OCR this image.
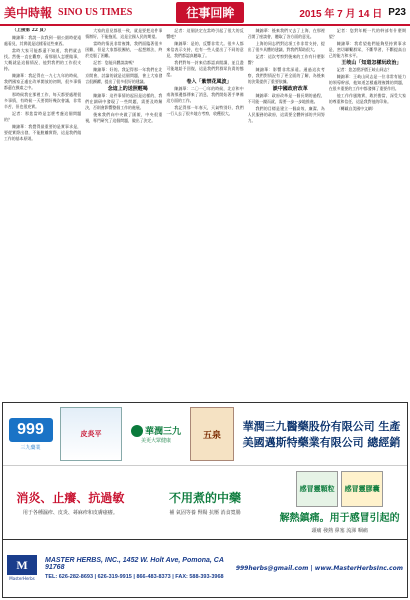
美中時報 SINO US TIMES	往事回眸	2015 年 7 月 14 日 P23

（上接第 22 頁）

陳錦華：我說一次我到一個公園時從遠處看見，其實就是這樣看這些東西。

當時大家可能都還不知道，我們就去找。然後一直在觀察，看那個人怎麼做事，大概就是這個情況，他對我們的工作很支持。

陳錦華：我記得在一九七九年的時候，我們國家正處在改革開放的初期，很多事情都還在摸索之中。

那時候我在那裡工作，每天都要處理很多事情，有時候一天要開好幾次會議，非常辛苦，但也很充實。

記者：那您當時是怎麼考慮這個問題的？

陳錦華：我覺得最重要的是實事求是，要從實際出發，不能脫離實際，這是我們做工作的基本原則。

大家的意見都很一致，就是要把這件事情辦好，不能拖延，這是全國人民的期望。

當時的情況非常複雜，我們面臨著很多困難，但是大家都很團結，一起想辦法，終於克服了困難。

記者：您能具體談談嗎？

陳錦華：好的。我記得那一年我們在北京開會，討論的就是這個問題，會上大家發言很踴躍，提出了很多很好的建議。

念這上的送照輕喝

陳錦華：這件事情的起因是這樣的，我們在調研中發現了一些問題，需要及時解決，否則會影響整個工作的進展。

後來我們向中央做了匯報，中央很重視，專門研究了這個問題，做出了決定。

記者：這個決定在當時引起了很大的反響吧？

陳錦華：是的，反響非常大。很多人都來信表示支持，也有一些人提出了不同的意見，我們都認真聽取了。

我們對每一封來信都認真閱讀，並且盡可能地給予回復，這是我們對群眾負責的態度。

卷入「紫禁花風波」

陳錦華：二〇一〇年的時候，北京和中南海那邊都傳來了消息，我們開始著手準備這方面的工作。

我記得那一年春天，天氣特別好，我們一行人去了很多地方考察，收穫很大。

陳錦華：後來我們又去了上海，在那裡召開了座談會，聽取了各方面的意見。

上海的同志們對這項工作非常支持，提出了很多具體的建議，對我們幫助很大。

記者：這次考察對後來的工作有什麼影響？

陳錦華：影響非常深遠。通過這次考察，我們對情況有了更全面的了解，為後來的決策提供了重要依據。

談中國政府改革

陳錦華：政府改革是一個長期的過程，不可能一蹴而就，需要一步一步地推進。

我們的目標是建立一個高效、廉潔、為人民服務的政府，這需要全體幹部的共同努力。

記者：您對年輕一代的幹部有什麼期望？

陳錦華：我希望他們能夠堅持實事求是，密切聯繫群眾，不斷學習，不斷提高自己的能力和水平。

王岐山「知道怎樣玩政治」

記者：您怎麼評價王岐山同志？

陳錦華：王岐山同志是一位非常有能力的領導幹部，他知道怎樣處理複雜的問題，在很多重要的工作中都發揮了重要作用。

他工作作風踏實，敢於擔當，深受大家的尊重和信任，這是我對他的印象。

（轉載自美國中文網）

999
三九藥業
皮炎平	華潤三九
美更大眾健康
五泉
華潤三九醫藥股份有限公司 生產
美國邁斯特藥業有限公司 總經銷
消炎、止癢、抗過敏
用于各種濕疹、皮炎、蕁麻疹和皮膚瘙癢。
不用煮的中藥
補 氣固等養 腎陽 抗壓 消食寬腸
感冒靈顆粒	感冒靈膠囊
解熱鎮痛。用于感冒引起的
頭痛 發熱 鼻塞 流涕 咽痛
M
MasterHerbs
MASTER HERBS, INC., 1452 W. Holt Ave, Pomona, CA 91768
TEL: 626-282-8693 | 626-319-9915 | 866-483-8373 | FAX: 588-393-3968
999herbs@gmail.com | www.MasterHerbsInc.com
